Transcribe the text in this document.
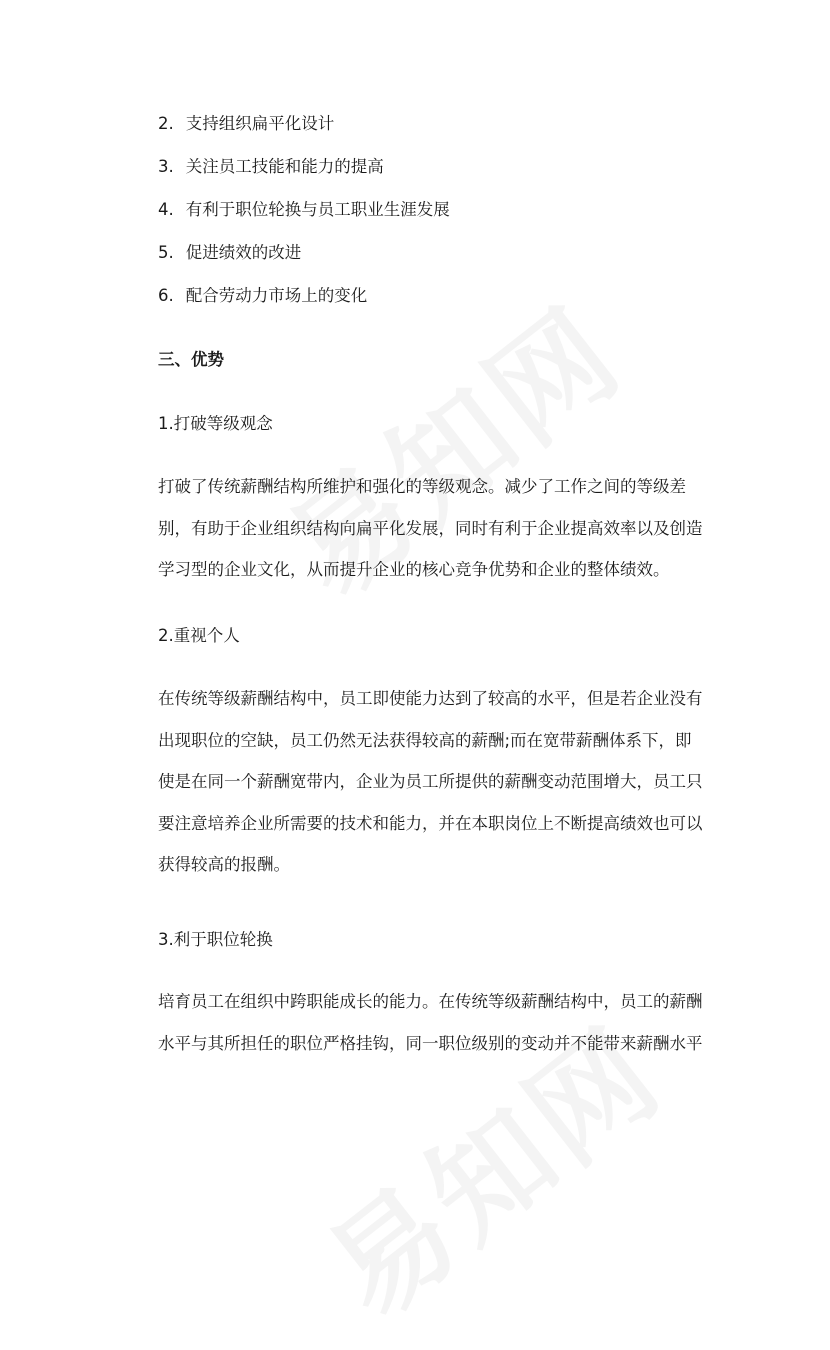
2. 支持组织扁平化设计
3. 关注员工技能和能力的提高
4. 有利于职位轮换与员工职业生涯发展
5. 促进绩效的改进
6. 配合劳动力市场上的变化
三、优势
1.打破等级观念
打破了传统薪酬结构所维护和强化的等级观念。减少了工作之间的等级差
别，有助于企业组织结构向扁平化发展，同时有利于企业提高效率以及创造
学习型的企业文化，从而提升企业的核心竞争优势和企业的整体绩效。
2.重视个人
在传统等级薪酬结构中，员工即使能力达到了较高的水平，但是若企业没有
出现职位的空缺，员工仍然无法获得较高的薪酬;而在宽带薪酬体系下，即
使是在同一个薪酬宽带内，企业为员工所提供的薪酬变动范围增大，员工只
要注意培养企业所需要的技术和能力，并在本职岗位上不断提高绩效也可以
获得较高的报酬。
3.利于职位轮换
培育员工在组织中跨职能成长的能力。在传统等级薪酬结构中，员工的薪酬
水平与其所担任的职位严格挂钩，同一职位级别的变动并不能带来薪酬水平
